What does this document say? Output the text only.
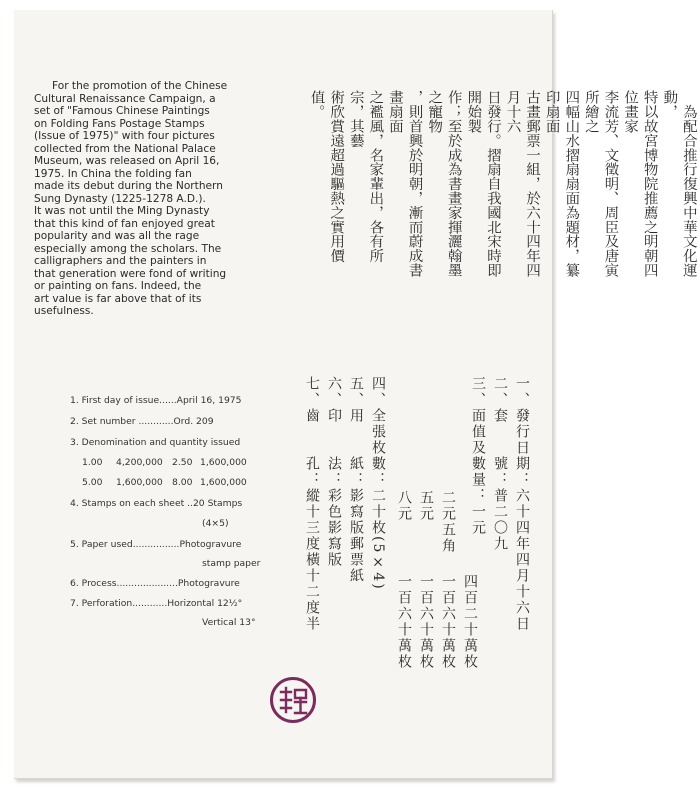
For the promotion of the Chinese
Cultural Renaissance Campaign, a
set of "Famous Chinese Paintings
on Folding Fans Postage Stamps
(Issue of 1975)" with four pictures
collected from the National Palace
Museum, was released on April 16,
1975. In China the folding fan
made its debut during the Northern
Sung Dynasty (1225-1278 A.D.).
It was not until the Ming Dynasty
that this kind of fan enjoyed great
popularity and was all the rage
especially among the scholars. The
calligraphers and the painters in
that generation were fond of writing
or painting on fans. Indeed, the
art value is far above that of its
usefulness.
　為配合推行復興中華文化運動，
特以故宮博物院推薦之明朝四位畫家
李流芳、文徵明、周臣及唐寅所繪之
四幅山水摺扇扇面為題材，纂印扇面
古畫郵票一組，於六十四年四月十六
日發行。摺扇自我國北宋時即開始製
作；至於成為書畫家揮灑翰墨之寵物
，則首興於明朝，漸而蔚成書畫扇面
之襤風，名家輩出，各有所宗，其藝
術欣賞遠超過驅熱之實用價值。
1. First day of issue......April 16, 1975
2. Set number ............Ord. 209
3. Denomination and quantity issued
1.00 4,200,000 2.50 1,600,000
5.00 1,600,000 8.00 1,600,000
4. Stamps on each sheet ..20 Stamps
(4×5)
5. Paper used................Photogravure
stamp paper
6. Process.....................Photogravure
7. Perforation............Horizontal 12½°
Vertical 13°	一、發行日期：六十四年四月十六日
二、套　　號：普二〇九
三、面值及數量：一元
二元五角
五元
八元
四百二十萬枚
一百六十萬枚
一百六十萬枚
一百六十萬枚
四、全張枚數：二十枚(5×4)
五、用　　紙：影寫版郵票紙
六、印　　法：彩色影寫版
七、齒　　孔：縱十三度橫十二度半
